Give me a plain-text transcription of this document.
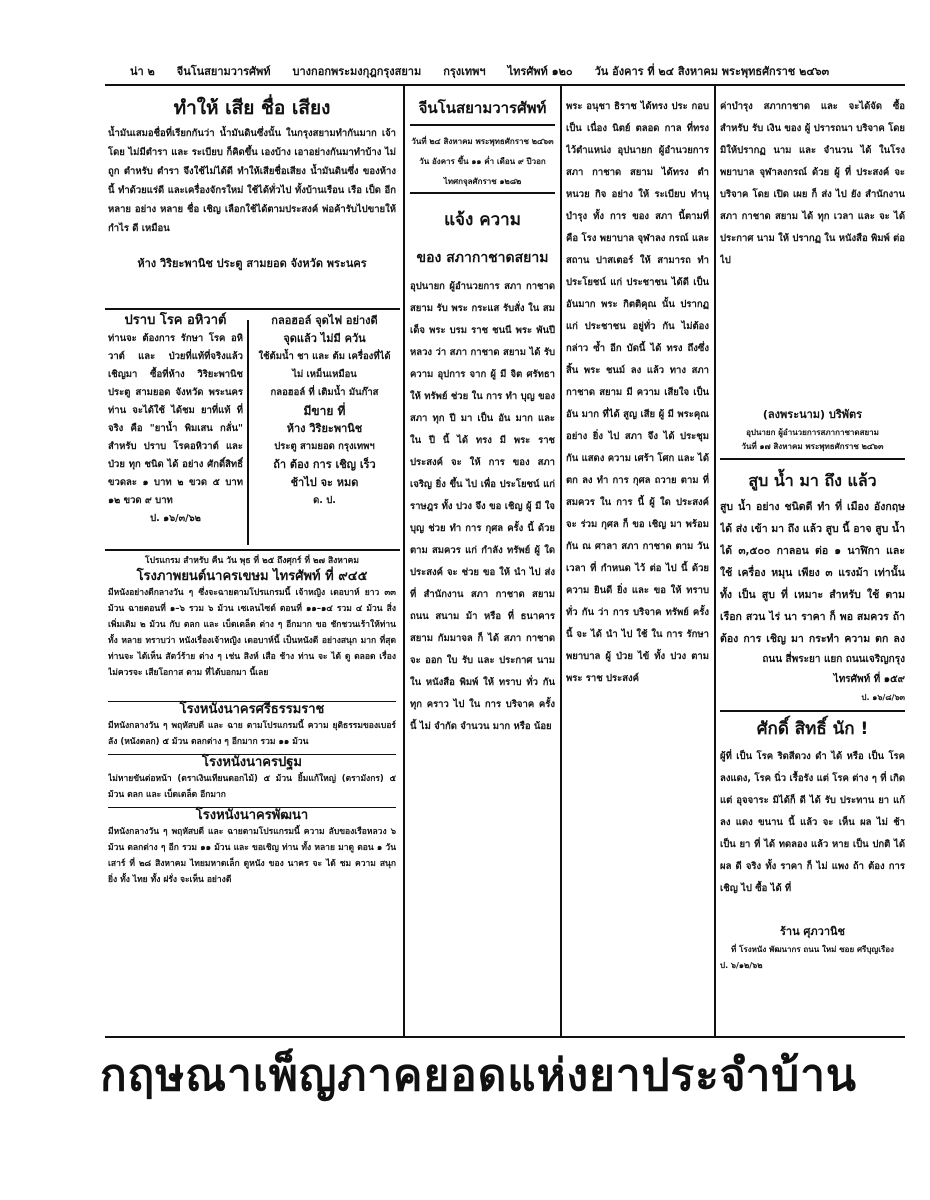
น่า ๒ จีนโนสยามวารศัพท์ บางกอกพระมงกุฎกรุงสยาม กรุงเทพฯ ไทรศัพท์ ๑๒๐ วัน อังคาร ที่ ๒๔ สิงหาคม พระพุทธศักราช ๒๔๖๓
ทำให้ เสีย ชื่อ เสียง
น้ำมันเสมอชื่อที่เรียกกันว่า น้ำมันดินซึ่งนั้น ในกรุงสยามทำกันมาก เจ้า โดย ไม่มีตำรา และ ระเบียบ ก็คิดขึ้น เองบ้าง เอาอย่างกันมาทำบ้าง ไม่ถูก ตำหรับ ตำรา จึงใช้ไม่ได้ดี ทำให้เสียชื่อเสียง น้ำมันดินซึ่ง ของห้างนี้ ทำด้วยแร่ดี และเครื่องจักรใหม่ ใช้ได้ทั่วไป ทั้งบ้านเรือน เรือ เป็ด อีก หลาย อย่าง หลาย ชื่อ เชิญ เลือกใช้ได้ตามประสงค์ พ่อค้ารับไปขายให้กำไร ดี เหมือน
ห้าง วิริยะพานิช ประตู สามยอด จังหวัด พระนคร
ปราบ โรค อหิวาต์
ท่านจะ ต้องการ รักษา โรค อหิวาต์ และ ป่วยที่แท้ที่จริงแล้ว เชิญมา ซื้อที่ห้าง วิริยะพานิช ประตู สามยอด จังหวัด พระนคร ท่าน จะได้ใช้ ได้ชม ยาที่แท้ ที่จริง คือ "ยาน้ำ พิมเสน กลั่น" สำหรับ ปราบ โรคอหิวาต์ และ ป่วย ทุก ชนิด ได้ อย่าง ศักดิ์สิทธิ์
ขวดละ ๑ บาท ๒ ขวด ๕ บาท ๑๒ ขวด ๙ บาท
ป. ๑๖/๓/๖๒
กลอฮอล์ จุดไฟ อย่างดี
จุดแล้ว ไม่มี ควัน
ใช้ต้มน้ำ ชา และ ต้ม เครื่องที่ได้
ไม่ เหม็นเหมือน
กลอฮอล์ ที่ เติมน้ำ มันก๊าส
มีขาย ที่
ห้าง วิริยะพานิช
ประตู สามยอด กรุงเทพฯ
ถ้า ต้อง การ เชิญ เร็ว
ช้าไป จะ หมด
ด. ป.
โปรแกรม สำหรับ คืน วัน พุธ ที่ ๒๕ ถึงศุกร์ ที่ ๒๗ สิงหาคม
โรงภาพยนต์นาครเขษม ไทรศัพท์ ที่ ๙๔๕
มีหนังอย่างดีกลางวัน ๆ ซึ่งจะฉายตามโปรแกรมนี้ เจ้าหญิง เดอบาห์ ยาว ๓๓ ม้วน ฉายตอนที่ ๑–๖ รวม ๖ ม้วน เซเลนไซด์ ตอนที่ ๑๑–๑๔ รวม ๔ ม้วน สิ่งเพิ่มเติม ๒ ม้วน กับ ตลก และ เบ็ดเตล็ด ต่าง ๆ อีกมาก ขอ ชักชวนเร้าให้ท่าน ทั้ง หลาย ทราบว่า หนังเรื่องเจ้าหญิง เดอบาห์นี้ เป็นหนังดี อย่างสนุก มาก ที่สุด ท่านจะ ได้เห็น สัตว์ร้าย ต่าง ๆ เช่น สิงห์ เสือ ช้าง ท่าน จะ ได้ ดู ตลอด เรื่อง ไม่ควรจะ เสียโอกาส ตาม ที่ได้บอกมา นี้เลย
โรงหนังนาครศรีธรรมราช
มีหนังกลางวัน ๆ พฤหัสบดี และ ฉาย ตามโปรแกรมนี้ ความ ยุติธรรมของเบอร์ลัง (หนังตลก) ๕ ม้วน ตลกต่าง ๆ อีกมาก รวม ๑๑ ม้วน
โรงหนังนาครปฐม
ไม่หายขันต่อหน้า (ตราเงินเทียนดอกไม้) ๕ ม้วน ยิ้มแก้ใหญ่ (ตรามังกร) ๕ ม้วน ตลก และ เบ็ดเตล็ด อีกมาก
โรงหนังนาครพัฒนา
มีหนังกลางวัน ๆ พฤหัสบดี และ ฉายตามโปรแกรมนี้ ความ ลับของเรือหลวง ๖ ม้วน ตลกต่าง ๆ อีก รวม ๑๑ ม้วน และ ขอเชิญ ท่าน ทั้ง หลาย มาดู ตอน ๑ วัน เสาร์ ที่ ๒๘ สิงหาคม ไทยมหาดเล็ก ดูหนัง ของ นาคร จะ ได้ ชม ความ สนุก ยิ่ง ทั้ง ไทย ทั้ง ฝรั่ง จะเห็น อย่างดี
จีนโนสยามวารศัพท์
วันที่ ๒๔ สิงหาคม พระพุทธศักราช ๒๔๖๓
วัน อังคาร ขึ้น ๑๑ ค่ำ เดือน ๙ ปีวอก
ไทศกจุลศักราช ๑๒๘๒
แจ้ง ความ
ของ สภากาชาดสยาม
อุปนายก ผู้อำนวยการ สภา กาชาด สยาม รับ พระ กระแส รับสั่ง ใน สม เด็จ พระ บรม ราช ชนนี พระ พันปี หลวง ว่า สภา กาชาด สยาม ได้ รับ ความ อุปการ จาก ผู้ มี จิต ศรัทธา ให้ ทรัพย์ ช่วย ใน การ ทำ บุญ ของ สภา ทุก ปี มา เป็น อัน มาก และ ใน ปี นี้ ได้ ทรง มี พระ ราช ประสงค์ จะ ให้ การ ของ สภา เจริญ ยิ่ง ขึ้น ไป เพื่อ ประโยชน์ แก่ ราษฎร ทั้ง ปวง จึง ขอ เชิญ ผู้ มี ใจ บุญ ช่วย ทำ การ กุศล ครั้ง นี้ ด้วย ตาม สมควร แก่ กำลัง ทรัพย์ ผู้ ใด ประสงค์ จะ ช่วย ขอ ให้ นำ ไป ส่ง ที่ สำนักงาน สภา กาชาด สยาม ถนน สนาม ม้า หรือ ที่ ธนาคาร สยาม กัมมาจล ก็ ได้ สภา กาชาด จะ ออก ใบ รับ และ ประกาศ นาม ใน หนังสือ พิมพ์ ให้ ทราบ ทั่ว กัน ทุก คราว ไป ใน การ บริจาค ครั้ง นี้ ไม่ จำกัด จำนวน มาก หรือ น้อย
พระ อนุชา ธิราช ได้ทรง ประ กอบ เป็น เนื่อง นิตย์ ตลอด กาล ที่ทรงไว้ตำแหน่ง อุปนายก ผู้อำนวยการ สภา กาชาด สยาม ได้ทรง ตำหนวย กิจ อย่าง ให้ ระเบียบ ทำนุ บำรุง ทั้ง การ ของ สภา นี้ตามที่ คือ โรง พยาบาล จุฬาลง กรณ์ และ สถาน ปาสเตอร์ ให้ สามารถ ทำ ประโยชน์ แก่ ประชาชน ได้ดี เป็นอันมาก พระ กิตติคุณ นั้น ปรากฏ แก่ ประชาชน อยู่ทั่ว กัน ไม่ต้อง กล่าว ซ้ำ อีก บัดนี้ ได้ ทรง ถึงซึ่ง สิ้น พระ ชนม์ ลง แล้ว ทาง สภา กาชาด สยาม มี ความ เสียใจ เป็น อัน มาก ที่ได้ สูญ เสีย ผู้ มี พระคุณ อย่าง ยิ่ง ไป สภา จึง ได้ ประชุม กัน แสดง ความ เศร้า โศก และ ได้ ตก ลง ทำ การ กุศล ถวาย ตาม ที่ สมควร ใน การ นี้ ผู้ ใด ประสงค์ จะ ร่วม กุศล ก็ ขอ เชิญ มา พร้อม กัน ณ ศาลา สภา กาชาด ตาม วัน เวลา ที่ กำหนด ไว้ ต่อ ไป นี้ ด้วย ความ ยินดี ยิ่ง และ ขอ ให้ ทราบ ทั่ว กัน ว่า การ บริจาค ทรัพย์ ครั้ง นี้ จะ ได้ นำ ไป ใช้ ใน การ รักษา พยาบาล ผู้ ป่วย ไข้ ทั้ง ปวง ตาม พระ ราช ประสงค์
ค่าบำรุง สภากาชาด และ จะได้จัด ซื้อ สำหรับ รับ เงิน ของ ผู้ ปรารถนา บริจาค โดย มิให้ปรากฏ นาม และ จำนวน ได้ ในโรงพยาบาล จุฬาลงกรณ์ ด้วย ผู้ ที่ ประสงค์ จะ บริจาค โดย เปิด เผย ก็ ส่ง ไป ยัง สำนักงาน สภา กาชาด สยาม ได้ ทุก เวลา และ จะ ได้ ประกาศ นาม ให้ ปรากฏ ใน หนังสือ พิมพ์ ต่อ ไป
(ลงพระนาม) บริพัตร
อุปนายก ผู้อำนวยการสภากาชาดสยาม
วันที่ ๑๗ สิงหาคม พระพุทธศักราช ๒๔๖๓
สูบ น้ำ มา ถึง แล้ว
สูบ น้ำ อย่าง ชนิดดี ทำ ที่ เมือง อังกฤษ ได้ ส่ง เข้า มา ถึง แล้ว สูบ นี้ อาจ สูบ น้ำ ได้ ๓,๕๐๐ กาลอน ต่อ ๑ นาฬิกา และ ใช้ เครื่อง หมุน เพียง ๓ แรงม้า เท่านั้น ทั้ง เป็น สูบ ที่ เหมาะ สำหรับ ใช้ ตาม เรือก สวน ไร่ นา ราคา ก็ พอ สมควร ถ้า ต้อง การ เชิญ มา กระทำ ความ ตก ลง
ถนน สี่พระยา แยก ถนนเจริญกรุง
ไทรศัพท์ ที่ ๑๕๙
ป. ๑๖/๘/๖๓
ศักดิ์ สิทธิ์ นัก !
ผู้ที่ เป็น โรค ริดสีดวง ดำ ได้ หรือ เป็น โรค ลงแดง, โรค นิ่ว เรื้อรัง แต่ โรค ต่าง ๆ ที่ เกิด แต่ อุจจาระ มิได้ก็ ดี ได้ รับ ประทาน ยา แก้ ลง แดง ขนาน นี้ แล้ว จะ เห็น ผล ไม่ ช้า เป็น ยา ที่ ได้ ทดลอง แล้ว หาย เป็น ปกติ ได้ ผล ดี จริง ทั้ง ราคา ก็ ไม่ แพง ถ้า ต้อง การ เชิญ ไป ซื้อ ได้ ที่
ร้าน ศุภวานิช
ที่ โรงหนัง พัฒนากร ถนน ใหม่ ซอย ศรีบุญเรือง
ป. ๖/๑๒/๖๒
กฤษณาเพ็ญภาคยอดแห่งยาประจำบ้าน
